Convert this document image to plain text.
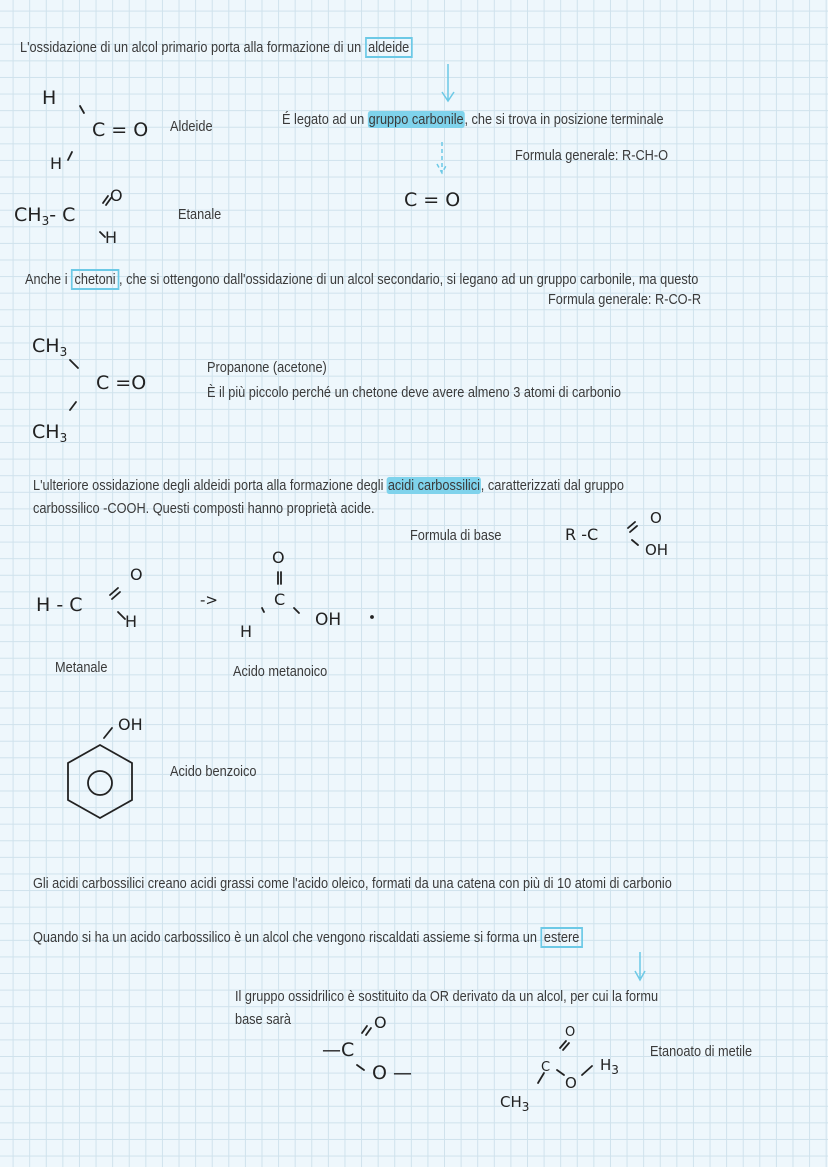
L'ossidazione di un alcol primario porta alla formazione di un aldeide
H
C = O
H
Aldeide	É legato ad un gruppo carbonile, che si trova in posizione terminale
Formula generale: R-CH-O
C = O
$CH_3-$ C
O
H
Etanale
Anche i chetoni , che si ottengono dall'ossidazione di un alcol secondario, si legano ad un gruppo carbonile, ma questo
Formula generale: R-CO-R
$CH_3$
C =O
$CH_3$
Propanone (acetone)
È il più piccolo perché un chetone deve avere almeno 3 atomi di carbonio
L'ulteriore ossidazione degli aldeidi porta alla formazione degli acidi carbossilici, caratterizzati dal gruppo
carbossilico -COOH. Questi composti hanno proprietà acide.
Formula di base	R -C
O
OH
H - C
O
H
->
O
C
OH
H
Metanale	Acido metanoico
OH
Acido benzoico
Gli acidi carbossilici creano acidi grassi come l'acido oleico, formati da una catena con più di 10 atomi di carbonio
Quando si ha un acido carbossilico è un alcol che vengono riscaldati assieme si forma un estere
Il gruppo ossidrilico è sostituito da OR derivato da un alcol, per cui la formu
base sarà
—C
O
O —
O
C
O
$H_3$
$CH_3$
Etanoato di metile
